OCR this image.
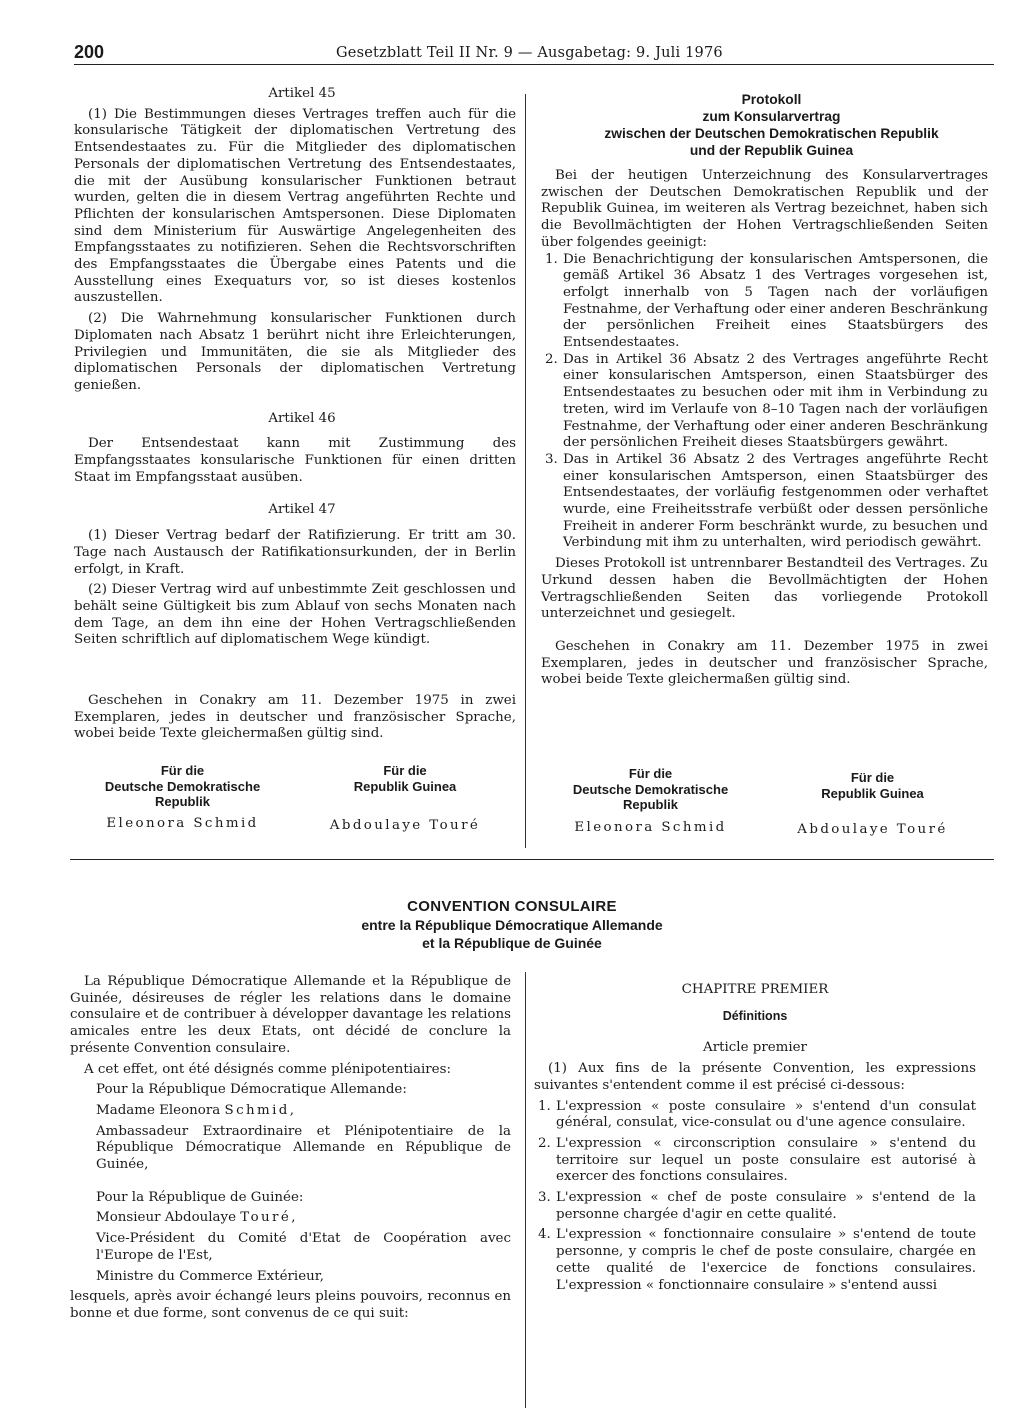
200	Gesetzblatt Teil II Nr. 9 — Ausgabetag: 9. Juli 1976

Artikel 45

(1) Die Bestimmungen dieses Vertrages treffen auch für die konsularische Tätigkeit der diplomatischen Vertretung des Entsendestaates zu. Für die Mitglieder des diplomatischen Personals der diplomatischen Vertretung des Entsendestaates, die mit der Ausübung konsularischer Funktionen betraut wurden, gelten die in diesem Vertrag angeführten Rechte und Pflichten der konsularischen Amtspersonen. Diese Diplomaten sind dem Ministerium für Auswärtige Angelegenheiten des Empfangsstaates zu notifizieren. Sehen die Rechtsvorschriften des Empfangsstaates die Übergabe eines Patents und die Ausstellung eines Exequaturs vor, so ist dieses kostenlos auszustellen.

(2) Die Wahrnehmung konsularischer Funktionen durch Diplomaten nach Absatz 1 berührt nicht ihre Erleichterungen, Privilegien und Immunitäten, die sie als Mitglieder des diplomatischen Personals der diplomatischen Vertretung genießen.

Artikel 46

Der Entsendestaat kann mit Zustimmung des Empfangsstaates konsularische Funktionen für einen dritten Staat im Empfangsstaat ausüben.

Artikel 47

(1) Dieser Vertrag bedarf der Ratifizierung. Er tritt am 30. Tage nach Austausch der Ratifikationsurkunden, der in Berlin erfolgt, in Kraft.

(2) Dieser Vertrag wird auf unbestimmte Zeit geschlossen und behält seine Gültigkeit bis zum Ablauf von sechs Monaten nach dem Tage, an dem ihn eine der Hohen Vertragschließenden Seiten schriftlich auf diplomatischem Wege kündigt.

Geschehen in Conakry am 11. Dezember 1975 in zwei Exemplaren, jedes in deutscher und französischer Sprache, wobei beide Texte gleichermaßen gültig sind.

Für die
Deutsche Demokratische
Republik
Eleonora Schmid
Für die
Republik Guinea
Abdoulaye Touré

Protokoll

zum Konsularvertrag

zwischen der Deutschen Demokratischen Republik

und der Republik Guinea

Bei der heutigen Unterzeichnung des Konsularvertrages zwischen der Deutschen Demokratischen Republik und der Republik Guinea, im weiteren als Vertrag bezeichnet, haben sich die Bevollmächtigten der Hohen Vertragschließenden Seiten über folgendes geeinigt:

1. Die Benachrichtigung der konsularischen Amtspersonen, die gemäß Artikel 36 Absatz 1 des Vertrages vorgesehen ist, erfolgt innerhalb von 5 Tagen nach der vorläufigen Festnahme, der Verhaftung oder einer anderen Beschränkung der persönlichen Freiheit eines Staatsbürgers des Entsendestaates.
2. Das in Artikel 36 Absatz 2 des Vertrages angeführte Recht einer konsularischen Amtsperson, einen Staatsbürger des Entsendestaates zu besuchen oder mit ihm in Verbindung zu treten, wird im Verlaufe von 8–10 Tagen nach der vorläufigen Festnahme, der Verhaftung oder einer anderen Beschränkung der persönlichen Freiheit dieses Staatsbürgers gewährt.
3. Das in Artikel 36 Absatz 2 des Vertrages angeführte Recht einer konsularischen Amtsperson, einen Staatsbürger des Entsendestaates, der vorläufig festgenommen oder verhaftet wurde, eine Freiheitsstrafe verbüßt oder dessen persönliche Freiheit in anderer Form beschränkt wurde, zu besuchen und Verbindung mit ihm zu unterhalten, wird periodisch gewährt.

Dieses Protokoll ist untrennbarer Bestandteil des Vertrages. Zu Urkund dessen haben die Bevollmächtigten der Hohen Vertragschließenden Seiten das vorliegende Protokoll unterzeichnet und gesiegelt.

Geschehen in Conakry am 11. Dezember 1975 in zwei Exemplaren, jedes in deutscher und französischer Sprache, wobei beide Texte gleichermaßen gültig sind.

Für die
Deutsche Demokratische
Republik
Eleonora Schmid
Für die
Republik Guinea
Abdoulaye Touré
CONVENTION CONSULAIRE
entre la République Démocratique Allemande
et la République de Guinée

La République Démocratique Allemande et la République de Guinée, désireuses de régler les relations dans le domaine consulaire et de contribuer à développer davantage les relations amicales entre les deux Etats, ont décidé de conclure la présente Convention consulaire.

A cet effet, ont été désignés comme plénipotentiaires:

Pour la République Démocratique Allemande:

Madame Eleonora Schmid,

Ambassadeur Extraordinaire et Plénipotentiaire de la République Démocratique Allemande en République de Guinée,

Pour la République de Guinée:

Monsieur Abdoulaye Touré,

Vice-Président du Comité d'Etat de Coopération avec l'Europe de l'Est,

Ministre du Commerce Extérieur,

lesquels, après avoir échangé leurs pleins pouvoirs, reconnus en bonne et due forme, sont convenus de ce qui suit:

CHAPITRE PREMIER

Définitions

Article premier

(1) Aux fins de la présente Convention, les expressions suivantes s'entendent comme il est précisé ci-dessous:

1. L'expression « poste consulaire » s'entend d'un consulat général, consulat, vice-consulat ou d'une agence consulaire.
2. L'expression « circonscription consulaire » s'entend du territoire sur lequel un poste consulaire est autorisé à exercer des fonctions consulaires.
3. L'expression « chef de poste consulaire » s'entend de la personne chargée d'agir en cette qualité.
4. L'expression « fonctionnaire consulaire » s'entend de toute personne, y compris le chef de poste consulaire, chargée en cette qualité de l'exercice de fonctions consulaires. L'expression « fonctionnaire consulaire » s'entend aussi
